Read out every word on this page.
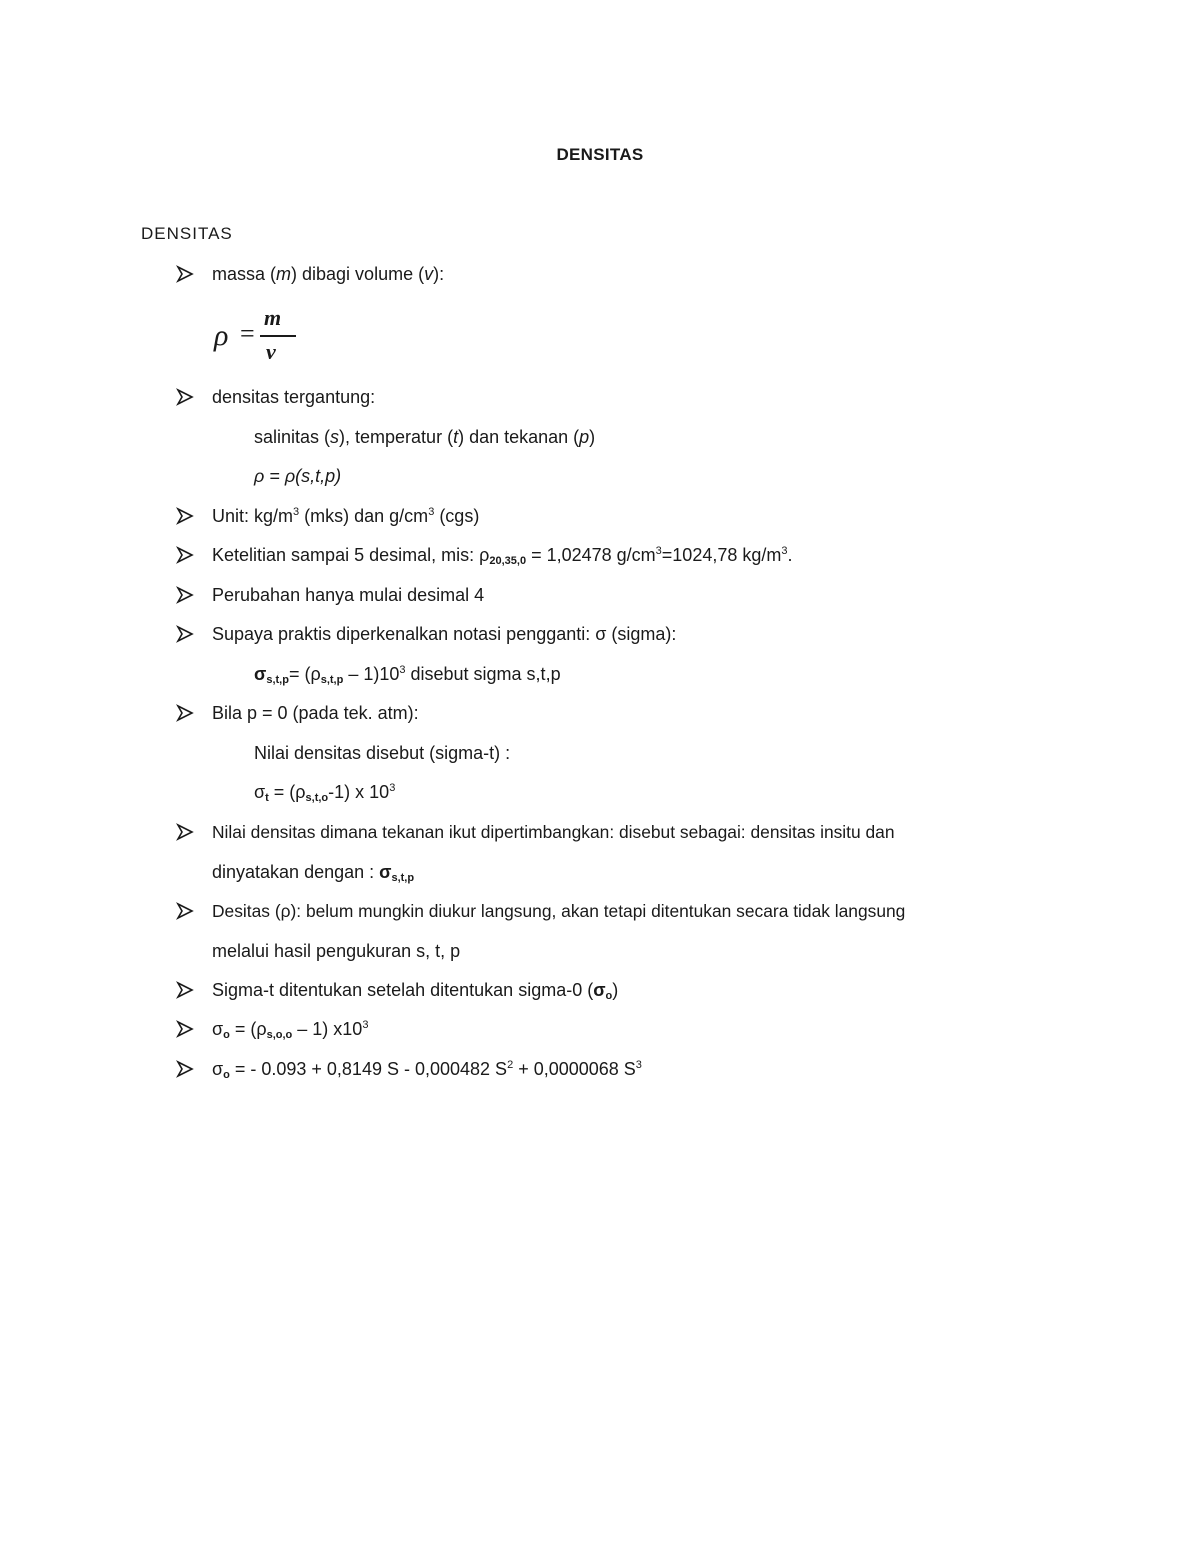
DENSITAS
DENSITAS
massa (m) dibagi volume (v):
ρ =
m
v
densitas tergantung:
salinitas (s), temperatur (t) dan tekanan (p)
ρ = ρ(s,t,p)
Unit: $kg/m^3$ (mks) dan $g/cm^3$ (cgs)
Ketelitian sampai 5 desimal, mis: $\rho_{20,35,0} = 1,02478$ $g/cm^3=1024,78$ $kg/m^3$.
Perubahan hanya mulai desimal 4
Supaya praktis diperkenalkan notasi pengganti: σ (sigma):
$\sigma_{s,t,p}= (\rho_{s,t,p} - 1)10^3$ disebut sigma s,t,p
Bila p = 0 (pada tek. atm):
Nilai densitas disebut (sigma-t) :
$\sigma_t = (\rho_{s,t,o}-1)$ x $10^3$
Nilai densitas dimana tekanan ikut dipertimbangkan: disebut sebagai: densitas insitu dan
dinyatakan dengan : $\sigma_{s,t,p}$
Desitas (ρ): belum mungkin diukur langsung, akan tetapi ditentukan secara tidak langsung
melalui hasil pengukuran s, t, p
Sigma-t ditentukan setelah ditentukan sigma-0 $(\sigma_o)$
$\sigma_o = (\rho_{s,o,o} - 1)$ $x10^3$
$\sigma_o$ = - 0.093 + 0,8149 S - 0,000482 $S^2 + 0,0000068$ $S^3$
